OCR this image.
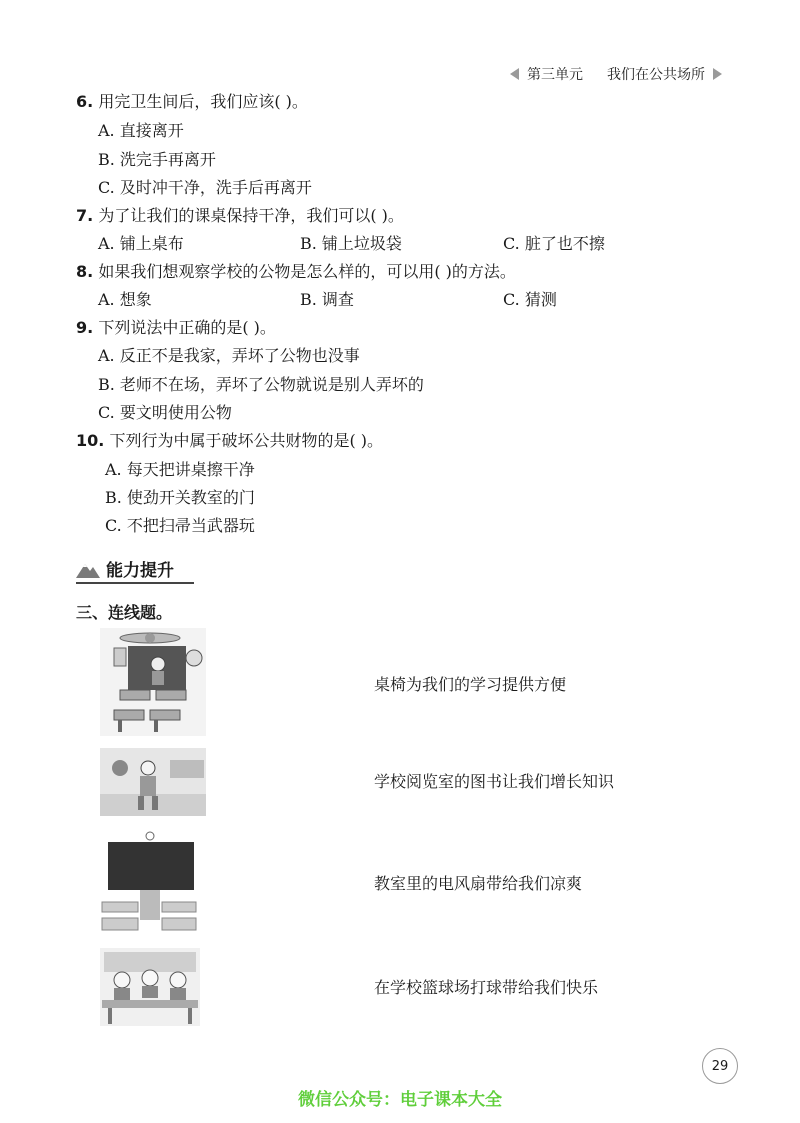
第三单元 我们在公共场所
6. 用完卫生间后，我们应该( )。
A. 直接离开
B. 洗完手再离开
C. 及时冲干净，洗手后再离开
7. 为了让我们的课桌保持干净，我们可以( )。
A. 铺上桌布	B. 铺上垃圾袋	C. 脏了也不擦
8. 如果我们想观察学校的公物是怎么样的，可以用( )的方法。
A. 想象	B. 调查	C. 猜测
9. 下列说法中正确的是( )。
A. 反正不是我家，弄坏了公物也没事
B. 老师不在场，弄坏了公物就说是别人弄坏的
C. 要文明使用公物
10. 下列行为中属于破坏公共财物的是( )。
A. 每天把讲桌擦干净
B. 使劲开关教室的门
C. 不把扫帚当武器玩
能力提升
三、连线题。
桌椅为我们的学习提供方便
学校阅览室的图书让我们增长知识
教室里的电风扇带给我们凉爽
在学校篮球场打球带给我们快乐
29
微信公众号：电子课本大全
